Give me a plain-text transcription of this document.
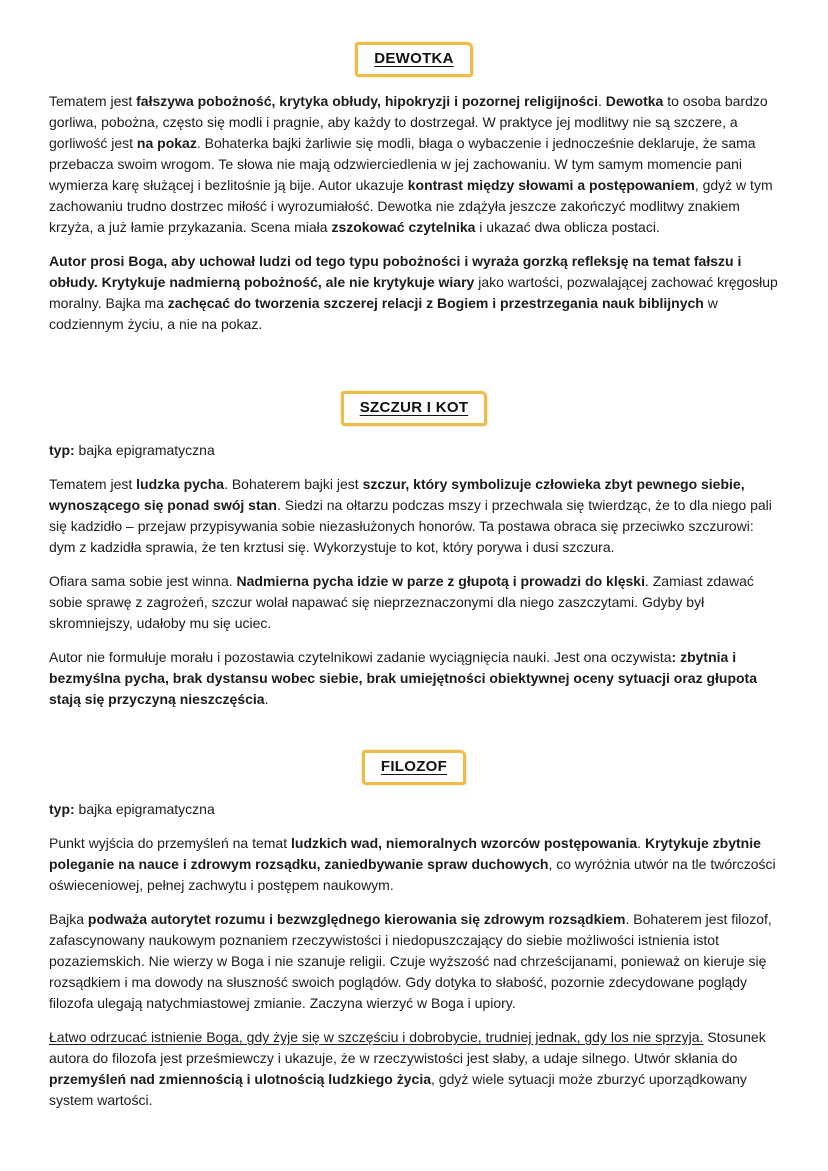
DEWOTKA

Tematem jest fałszywa pobożność, krytyka obłudy, hipokryzji i pozornej religijności. Dewotka to osoba bardzo gorliwa, pobożna, często się modli i pragnie, aby każdy to dostrzegał. W praktyce jej modlitwy nie są szczere, a gorliwość jest na pokaz. Bohaterka bajki żarliwie się modli, błaga o wybaczenie i jednocześnie deklaruje, że sama przebacza swoim wrogom. Te słowa nie mają odzwierciedlenia w jej zachowaniu. W tym samym momencie pani wymierza karę służącej i bezlitośnie ją bije. Autor ukazuje kontrast między słowami a postępowaniem, gdyż w tym zachowaniu trudno dostrzec miłość i wyrozumiałość. Dewotka nie zdążyła jeszcze zakończyć modlitwy znakiem krzyża, a już łamie przykazania. Scena miała zszokować czytelnika i ukazać dwa oblicza postaci.

Autor prosi Boga, aby uchował ludzi od tego typu pobożności i wyraża gorzką refleksję na temat fałszu i obłudy. Krytykuje nadmierną pobożność, ale nie krytykuje wiary jako wartości, pozwalającej zachować kręgosłup moralny. Bajka ma zachęcać do tworzenia szczerej relacji z Bogiem i przestrzegania nauk biblijnych w codziennym życiu, a nie na pokaz.

SZCZUR I KOT

typ: bajka epigramatyczna

Tematem jest ludzka pycha. Bohaterem bajki jest szczur, który symbolizuje człowieka zbyt pewnego siebie, wynoszącego się ponad swój stan. Siedzi na ołtarzu podczas mszy i przechwala się twierdząc, że to dla niego pali się kadzidło – przejaw przypisywania sobie niezasłużonych honorów. Ta postawa obraca się przeciwko szczurowi: dym z kadzidła sprawia, że ten krztusi się. Wykorzystuje to kot, który porywa i dusi szczura.

Ofiara sama sobie jest winna. Nadmierna pycha idzie w parze z głupotą i prowadzi do klęski. Zamiast zdawać sobie sprawę z zagrożeń, szczur wolał napawać się nieprzeznaczonymi dla niego zaszczytami. Gdyby był skromniejszy, udałoby mu się uciec.

Autor nie formułuje morału i pozostawia czytelnikowi zadanie wyciągnięcia nauki. Jest ona oczywista: zbytnia i bezmyślna pycha, brak dystansu wobec siebie, brak umiejętności obiektywnej oceny sytuacji oraz głupota stają się przyczyną nieszczęścia.

FILOZOF

typ: bajka epigramatyczna

Punkt wyjścia do przemyśleń na temat ludzkich wad, niemoralnych wzorców postępowania. Krytykuje zbytnie poleganie na nauce i zdrowym rozsądku, zaniedbywanie spraw duchowych, co wyróżnia utwór na tle twórczości oświeceniowej, pełnej zachwytu i postępem naukowym.

Bajka podważa autorytet rozumu i bezwzględnego kierowania się zdrowym rozsądkiem. Bohaterem jest filozof, zafascynowany naukowym poznaniem rzeczywistości i niedopuszczający do siebie możliwości istnienia istot pozaziemskich. Nie wierzy w Boga i nie szanuje religii. Czuje wyższość nad chrześcijanami, ponieważ on kieruje się rozsądkiem i ma dowody na słuszność swoich poglądów. Gdy dotyka to słabość, pozornie zdecydowane poglądy filozofa ulegają natychmiastowej zmianie. Zaczyna wierzyć w Boga i upiory.

Łatwo odrzucać istnienie Boga, gdy żyje się w szczęściu i dobrobycie, trudniej jednak, gdy los nie sprzyja. Stosunek autora do filozofa jest prześmiewczy i ukazuje, że w rzeczywistości jest słaby, a udaje silnego. Utwór skłania do przemyśleń nad zmiennością i ulotnością ludzkiego życia, gdyż wiele sytuacji może zburzyć uporządkowany system wartości.
